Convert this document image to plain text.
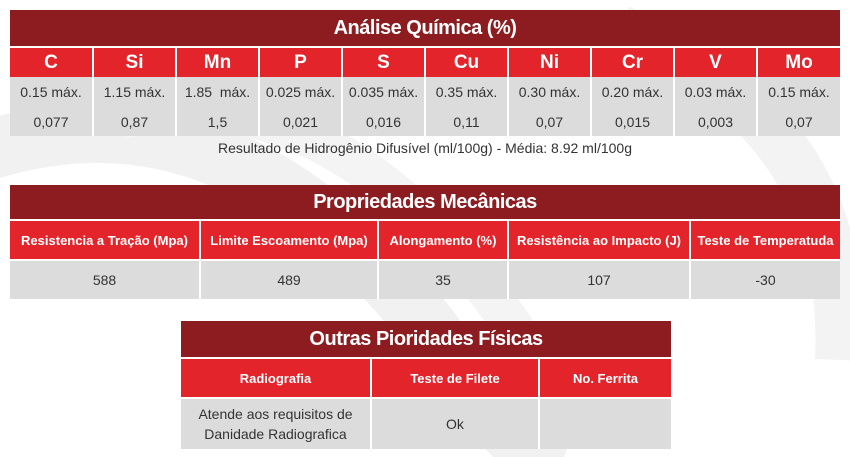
Análise Química (%)
C	Si	Mn	P	S	Cu	Ni	Cr	V	Mo
0.15 máx.	1.15 máx.	1.85  máx.	0.025 máx.	0.035 máx.	0.35 máx.	0.30 máx.	0.20 máx.	0.03 máx.	0.15 máx.
0,077	0,87	1,5	0,021	0,016	0,11	0,07	0,015	0,003	0,07
Resultado de Hidrogênio Difusível (ml/100g) - Média: 8.92 ml/100g
Propriedades Mecânicas
Resistencia a Tração (Mpa)	Limite Escoamento (Mpa)	Alongamento (%)	Resistência ao Impacto (J)	Teste de Temperatuda
588	489	35	107	-30
Outras Pioridades Físicas
Radiografia	Teste de Filete	No. Ferrita
Atende aos requisitos de Danidade Radiografica	Ok	
